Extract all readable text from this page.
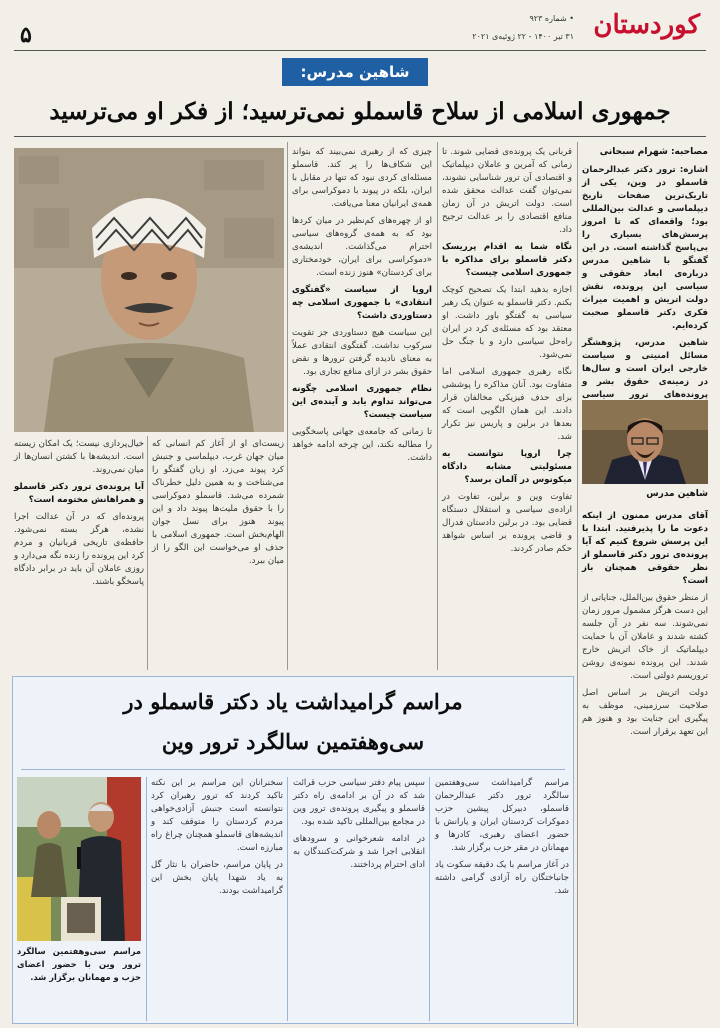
۵	کوردستان
• شماره ۹۲۳
۳۱ تیر ۱۴۰۰ - ۲۲ ژوئیه‌ی ۲۰۲۱
شاهین مدرس:
جمهوری اسلامی از سلاح قاسملو نمی‌ترسید؛ از فکر او می‌ترسید
مصاحبه: شهرام سبحانی

اشاره: ترور دکتر عبدالرحمان قاسملو در وین، یکی از تاریک‌ترین صفحات تاریخ دیپلماسی و عدالت بین‌المللی بود؛ واقعه‌ای که تا امروز پرسش‌های بسیاری را بی‌پاسخ گذاشته است. در این گفتگو با شاهین مدرس درباره‌ی ابعاد حقوقی و سیاسی این پرونده، نقش دولت اتریش و اهمیت میراث فکری دکتر قاسملو صحبت کرده‌ایم.

شاهین مدرس، پژوهشگر مسائل امنیتی و سیاست خارجی ایران است و سال‌ها در زمینه‌ی حقوق بشر و پرونده‌های ترور سیاسی

شاهین مدرس

آقای مدرس ممنون از اینکه دعوت ما را پذیرفتید. ابتدا با این پرسش شروع کنیم که آیا پرونده‌ی ترور دکتر قاسملو از نظر حقوقی همچنان باز است؟

از منظر حقوق بین‌الملل، جنایاتی از این دست هرگز مشمول مرور زمان نمی‌شوند. سه نفر در آن جلسه کشته شدند و عاملان آن با حمایت دیپلماتیک از خاک اتریش خارج شدند. این پرونده نمونه‌ی روشن تروریسم دولتی است.

دولت اتریش بر اساس اصل صلاحیت سرزمینی، موظف به پیگیری این جنایت بود و هنوز هم این تعهد برقرار است.

قربانی یک پرونده‌ی قضایی شوند. تا زمانی که آمرین و عاملان دیپلماتیک و اقتصادی آن ترور شناسایی نشوند، نمی‌توان گفت عدالت محقق شده است. دولت اتریش در آن زمان منافع اقتصادی را بر عدالت ترجیح داد.

نگاه شما به اقدام پرریسک دکتر قاسملو برای مذاکره با جمهوری اسلامی چیست؟

اجازه بدهید ابتدا یک تصحیح کوچک بکنم. دکتر قاسملو به عنوان یک رهبر سیاسی به گفتگو باور داشت. او معتقد بود که مسئله‌ی کرد در ایران راه‌حل سیاسی دارد و با جنگ حل نمی‌شود.

نگاه رهبری جمهوری اسلامی اما متفاوت بود. آنان مذاکره را پوششی برای حذف فیزیکی مخالفان قرار دادند. این همان الگویی است که بعدها در برلین و پاریس نیز تکرار شد.

چرا اروپا نتوانست به مسئولیتی مشابه دادگاه میکونوس در آلمان برسد؟

تفاوت وین و برلین، تفاوت در اراده‌ی سیاسی و استقلال دستگاه قضایی بود. در برلین دادستان فدرال و قاضی پرونده بر اساس شواهد حکم صادر کردند.

چیزی که از رهبری نمی‌بیند که بتواند این شکاف‌ها را پر کند. قاسملو مسئله‌ای کردی نبود که تنها در مقابل با ایران، بلکه در پیوند با دموکراسی برای همه‌ی ایرانیان معنا می‌یافت.

او از چهره‌های کم‌نظیر در میان کردها بود که به همه‌ی گروه‌های سیاسی احترام می‌گذاشت. اندیشه‌ی «دموکراسی برای ایران، خودمختاری برای کردستان» هنوز زنده است.

اروپا از سیاست «گفتگوی انتقادی» با جمهوری اسلامی چه دستاوردی داشت؟

این سیاست هیچ دستاوردی جز تقویت سرکوب نداشت. گفتگوی انتقادی عملاً به معنای نادیده گرفتن ترورها و نقض حقوق بشر در ازای منافع تجاری بود.

نظام جمهوری اسلامی چگونه می‌تواند تداوم یابد و آینده‌ی این سیاست چیست؟

تا زمانی که جامعه‌ی جهانی پاسخگویی را مطالبه نکند، این چرخه ادامه خواهد داشت.

زیست‌ای او از آغاز کم انسانی که میان جهان غرب، دیپلماسی و جنبش کرد پیوند می‌زد. او زبان گفتگو را می‌شناخت و به همین دلیل خطرناک شمرده می‌شد. قاسملو دموکراسی را با حقوق ملیت‌ها پیوند داد و این پیوند هنوز برای نسل جوان الهام‌بخش است. جمهوری اسلامی با حذف او می‌خواست این الگو را از میان ببرد.

خیال‌پردازی نیست؛ یک امکان زیسته است. اندیشه‌ها با کشتن انسان‌ها از میان نمی‌روند.

آیا پرونده‌ی ترور دکتر قاسملو و همراهانش مختومه است؟

پرونده‌ای که در آن عدالت اجرا نشده، هرگز بسته نمی‌شود. حافظه‌ی تاریخی قربانیان و مردم کرد این پرونده را زنده نگه می‌دارد و روزی عاملان آن باید در برابر دادگاه پاسخگو باشند.

مراسم گرامیداشت یاد دکتر قاسملو در
سی‌وهفتمین سالگرد ترور وین
مراسم سی‌وهفتمین سالگرد ترور وین با حضور اعضای حزب و مهمانان برگزار شد.

مراسم گرامیداشت سی‌وهفتمین سالگرد ترور دکتر عبدالرحمان قاسملو، دبیرکل پیشین حزب دموکرات کردستان ایران و یارانش با حضور اعضای رهبری، کادرها و مهمانان در مقر حزب برگزار شد.

در آغاز مراسم با یک دقیقه سکوت یاد جانباختگان راه آزادی گرامی داشته شد.

سپس پیام دفتر سیاسی حزب قرائت شد که در آن بر ادامه‌ی راه دکتر قاسملو و پیگیری پرونده‌ی ترور وین در مجامع بین‌المللی تاکید شده بود.

در ادامه شعرخوانی و سرودهای انقلابی اجرا شد و شرکت‌کنندگان به ادای احترام پرداختند.

سخنرانان این مراسم بر این نکته تاکید کردند که ترور رهبران کرد نتوانسته است جنبش آزادی‌خواهی مردم کردستان را متوقف کند و اندیشه‌های قاسملو همچنان چراغ راه مبارزه است.

در پایان مراسم، حاضران با نثار گل به یاد شهدا پایان بخش این گرامیداشت بودند.
